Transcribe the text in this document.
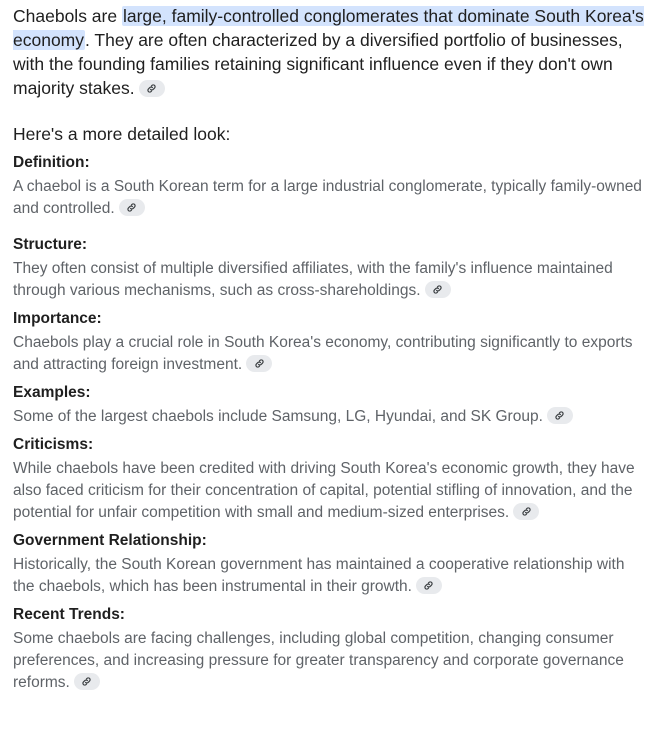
Chaebols are large, family-controlled conglomerates that dominate South Korea's economy. They are often characterized by a diversified portfolio of businesses, with the founding families retaining significant influence even if they don't own majority stakes.

Here's a more detailed look:

Definition:

A chaebol is a South Korean term for a large industrial conglomerate, typically family-owned and controlled.

Structure:

They often consist of multiple diversified affiliates, with the family's influence maintained through various mechanisms, such as cross-shareholdings.

Importance:

Chaebols play a crucial role in South Korea's economy, contributing significantly to exports and attracting foreign investment.

Examples:

Some of the largest chaebols include Samsung, LG, Hyundai, and SK Group.

Criticisms:

While chaebols have been credited with driving South Korea's economic growth, they have also faced criticism for their concentration of capital, potential stifling of innovation, and the potential for unfair competition with small and medium-sized enterprises.

Government Relationship:

Historically, the South Korean government has maintained a cooperative relationship with the chaebols, which has been instrumental in their growth.

Recent Trends:

Some chaebols are facing challenges, including global competition, changing consumer preferences, and increasing pressure for greater transparency and corporate governance reforms.
